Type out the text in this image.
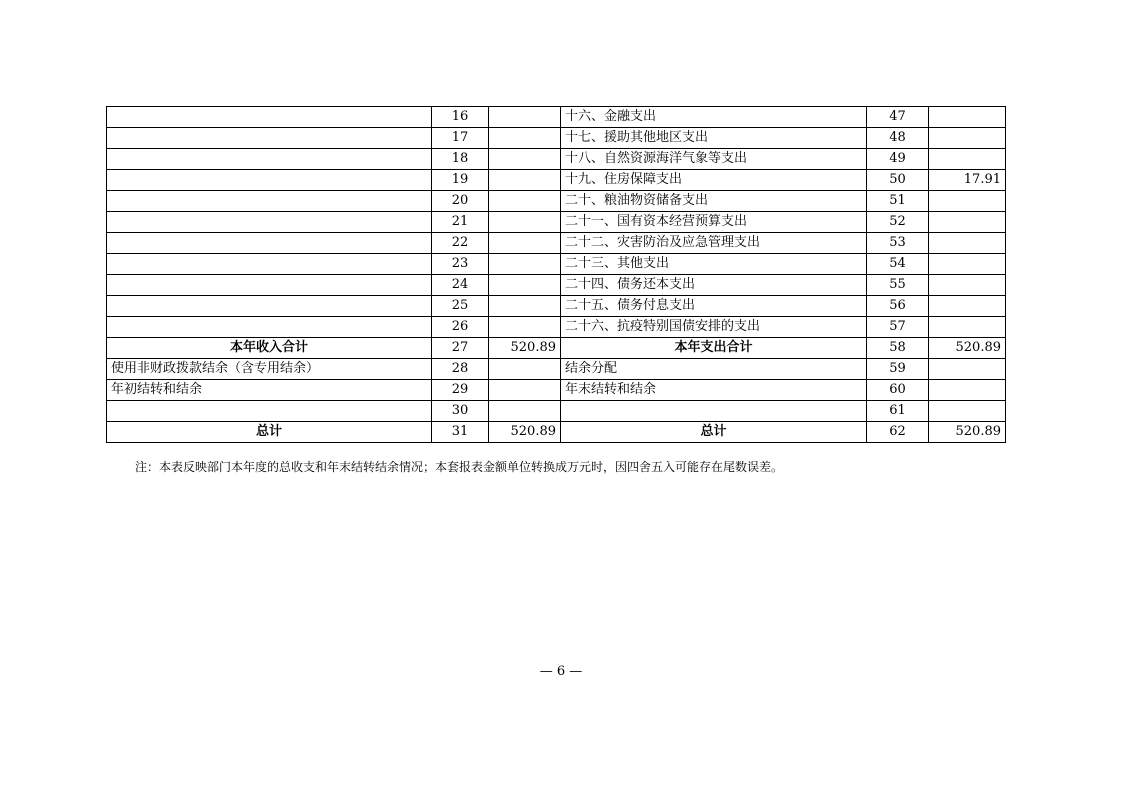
	16		十六、金融支出	47	
	17		十七、援助其他地区支出	48	
	18		十八、自然资源海洋气象等支出	49	
	19		十九、住房保障支出	50	17.91
	20		二十、粮油物资储备支出	51	
	21		二十一、国有资本经营预算支出	52	
	22		二十二、灾害防治及应急管理支出	53	
	23		二十三、其他支出	54	
	24		二十四、债务还本支出	55	
	25		二十五、债务付息支出	56	
	26		二十六、抗疫特别国债安排的支出	57	
本年收入合计	27	520.89	本年支出合计	58	520.89
使用非财政拨款结余（含专用结余）	28		结余分配	59	
年初结转和结余	29		年末结转和结余	60	
	30			61	
总计	31	520.89	总计	62	520.89
注：本表反映部门本年度的总收支和年末结转结余情况；本套报表金额单位转换成万元时，因四舍五入可能存在尾数误差。
— 6 —
